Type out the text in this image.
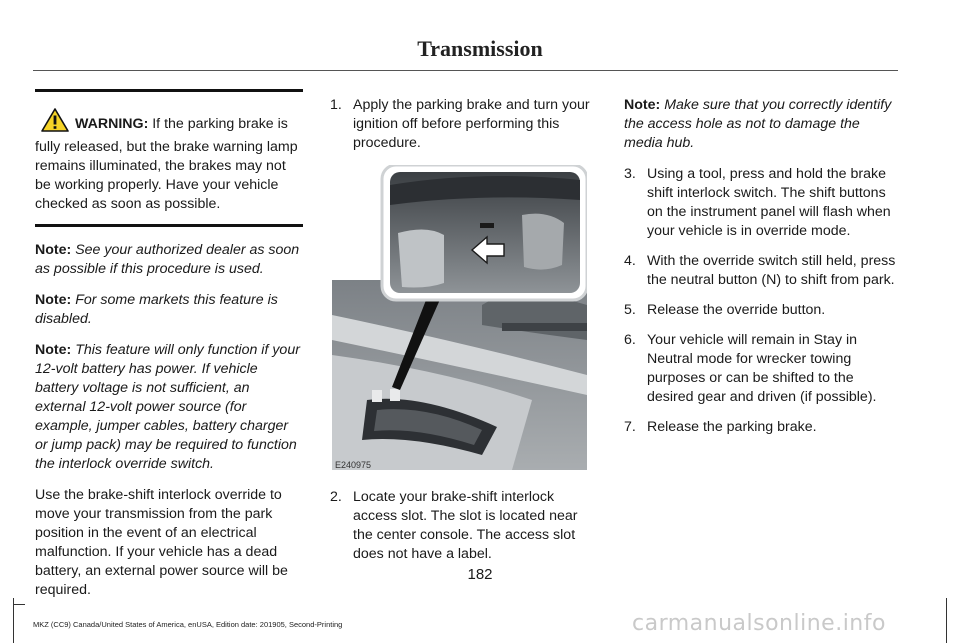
Transmission
WARNING: If the parking brake is fully released, but the brake warning lamp remains illuminated, the brakes may not be working properly. Have your vehicle checked as soon as possible.

Note: See your authorized dealer as soon as possible if this procedure is used.

Note: For some markets this feature is disabled.

Note: This feature will only function if your 12-volt battery has power. If vehicle battery voltage is not sufficient, an external 12-volt power source (for example, jumper cables, battery charger or jump pack) may be required to function the interlock override switch.

Use the brake-shift interlock override to move your transmission from the park position in the event of an electrical malfunction. If your vehicle has a dead battery, an external power source will be required.

1. Apply the parking brake and turn your ignition off before performing this procedure.
E240975
2. Locate your brake-shift interlock access slot. The slot is located near the center console. The access slot does not have a label.

Note: Make sure that you correctly identify the access hole as not to damage the media hub.

3. Using a tool, press and hold the brake shift interlock switch. The shift buttons on the instrument panel will flash when your vehicle is in override mode.
4. With the override switch still held, press the neutral button (N) to shift from park.
5. Release the override button.
6. Your vehicle will remain in Stay in Neutral mode for wrecker towing purposes or can be shifted to the desired gear and driven (if possible).
7. Release the parking brake.
182
MKZ (CC9) Canada/United States of America, enUSA, Edition date: 201905, Second-Printing	carmanualsonline.info
